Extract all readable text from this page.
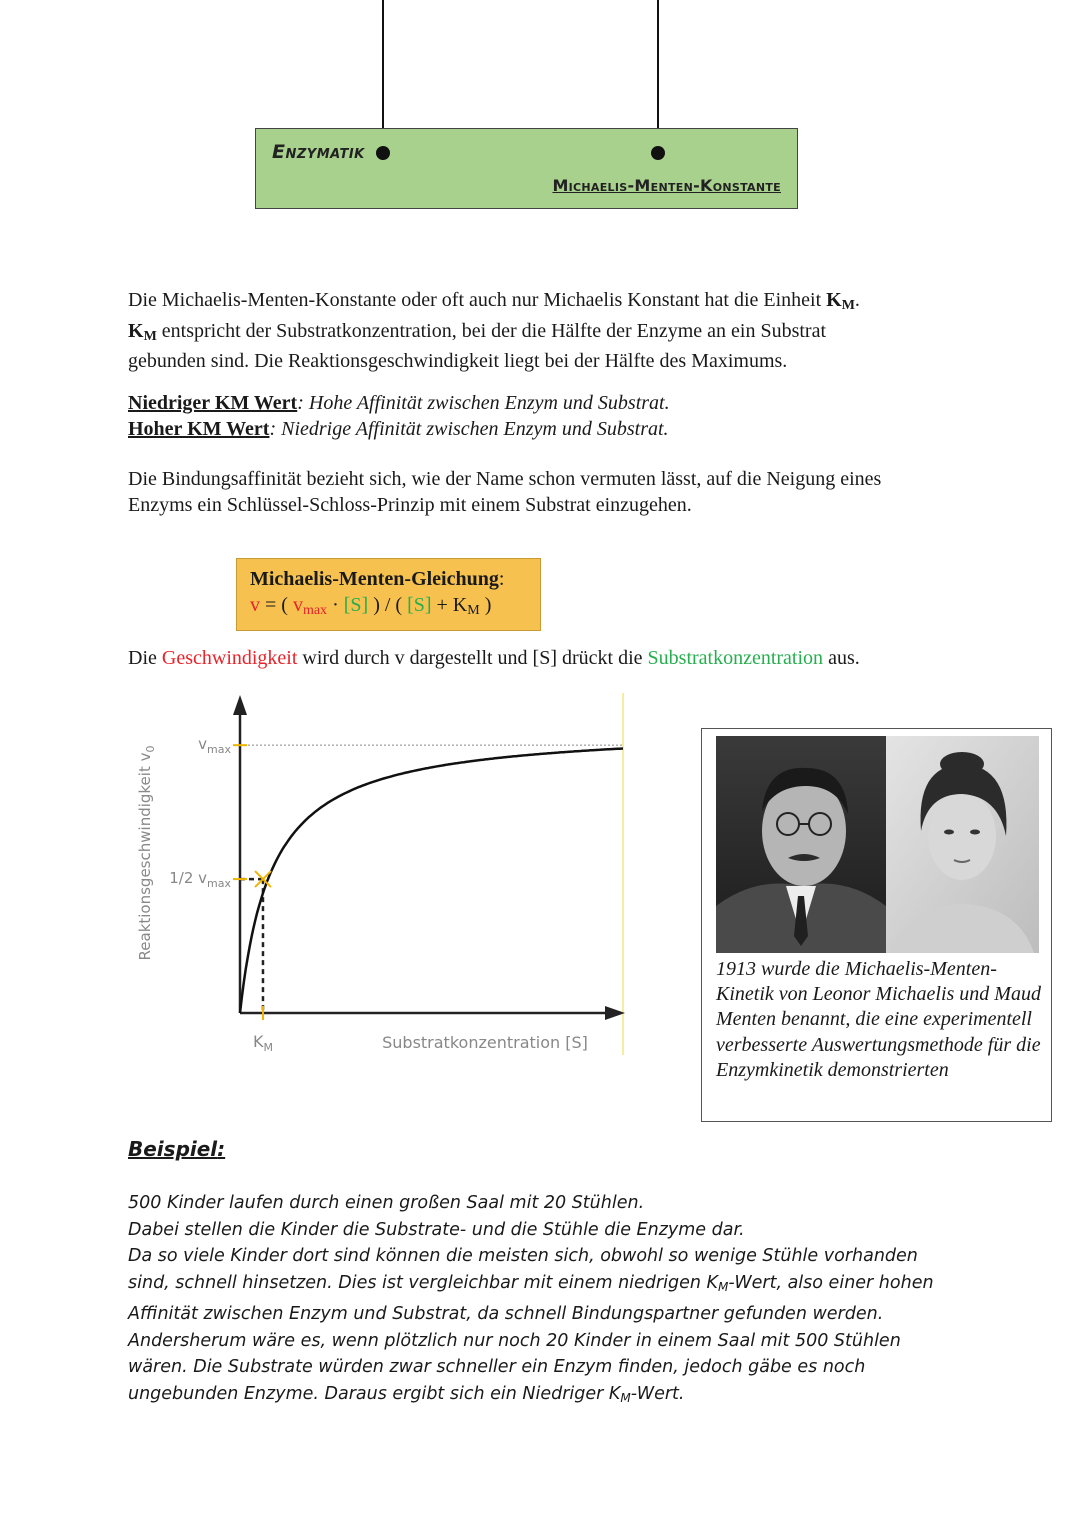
Enzymatik
Michaelis-Menten-Konstante
Die Michaelis-Menten-Konstante oder oft auch nur Michaelis Konstant hat die Einheit $K_M$.
$K_M$ entspricht der Substratkonzentration, bei der die Hälfte der Enzyme an ein Substrat
gebunden sind. Die Reaktionsgeschwindigkeit liegt bei der Hälfte des Maximums.
Niedriger KM Wert: Hohe Affinität zwischen Enzym und Substrat.
Hoher KM Wert: Niedrige Affinität zwischen Enzym und Substrat.
Die Bindungsaffinität bezieht sich, wie der Name schon vermuten lässt, auf die Neigung eines
Enzyms ein Schlüssel-Schloss-Prinzip mit einem Substrat einzugehen.
Michaelis-Menten-Gleichung:
v = ( $v_{max} \cdot [S]$ ) / ( $[S] + K_M$ )
Die Geschwindigkeit wird durch v dargestellt und [S] drückt die Substratkonzentration aus.
$v_{max}$
1/2 $v_{max}$
$K_M$	Substratkonzentration [S]
Reaktionsgeschwindigkeit $v_0$
1913 wurde die Michaelis-Menten-Kinetik von Leonor Michaelis und Maud Menten benannt, die eine experimentell verbesserte Auswertungsmethode für die Enzymkinetik demonstrierten
Beispiel:
500 Kinder laufen durch einen großen Saal mit 20 Stühlen.
Dabei stellen die Kinder die Substrate- und die Stühle die Enzyme dar.
Da so viele Kinder dort sind können die meisten sich, obwohl so wenige Stühle vorhanden
sind, schnell hinsetzen. Dies ist vergleichbar mit einem niedrigen KM-Wert, also einer hohen
Affinität zwischen Enzym und Substrat, da schnell Bindungspartner gefunden werden.
Andersherum wäre es, wenn plötzlich nur noch 20 Kinder in einem Saal mit 500 Stühlen
wären. Die Substrate würden zwar schneller ein Enzym finden, jedoch gäbe es noch
ungebunden Enzyme. Daraus ergibt sich ein Niedriger KM-Wert.
